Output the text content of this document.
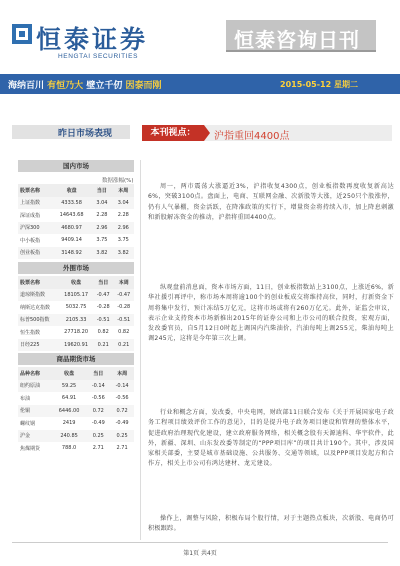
恒泰证券
HENGTAI SECURITIES
恒泰咨询日刊
海纳百川 有恒乃大 壁立千仞 因泰而刚	2015-05-12 星期二
昨日市场表现
国内市场
数据涨幅(%)
股票名称	收盘	当日	本周
上证指数	4333.58	3.04	3.04
深证成指	14643.68	2.28	2.28
沪深300	4680.97	2.96	2.96
中小板指	9409.14	3.75	3.75
创业板指	3148.92	3.82	3.82
外围市场
股票名称	收盘	当日	本周
道琼斯指数	18105.17	-0.47	-0.47
纳斯达克指数	5032.75	-0.28	-0.28
标普500指数	2105.33	-0.51	-0.51
恒生指数	27718.20	0.82	0.82
日经225	19620.91	0.21	0.21
商品期货市场
品种名称	收盘	当日	本周
纽约原油	59.25	-0.14	-0.14
布油	64.91	-0.56	-0.56
伦铜	6446.00	0.72	0.72
螺纹钢	2419	-0.49	-0.49
沪金	240.85	0.25	0.25
焦煤期货	788.0	2.71	2.71
本刊视点：	沪指重回4400点

周一，两市震荡大涨逼近3%，沪指收复4300点，创业板指数再度收复新高达6%，突破3100点。盘面上，电商、互联网金融、次新股等大涨，近250只个股涨停，仍有人气暴棚，资金活跃，在降准政策的实行下，增量资金将持续入市，加上降息刺激和新股解冻资金的推动，沪指将重回4400点。

纵观盘前消息面，资本市场方面，11日，创业板指数站上3100点，上涨近6%，新华社援引再评中，称市场本周将逾100个的创业板成交将维持高位，同时，打新资金下周将集中发行，预计冻结5万亿元，这将市场或将有260万亿元。此外，证监会审议，表示企业支持资本市场新推出2015年的证券公司和上市公司的联合投资，宏观方面，发改委官员，自5月12日0时起上调国内汽柴油价，汽油每吨上调255元，柴油每吨上调245元，这将是今年第三次上调。

行业和概念方面，发改委，中央电网，财政部11日联合发布《关于开展国家电子政务工程项目绩效评价工作的意见》，目的是提升电子政务项目建设和管理的整体水平，促进政府治理现代化建设，建立政府服务网络，相关概念股有天源迪科、华宇软件，此外，新疆、深圳、山东发改委等制定的“PPP项目库”的项目共计190个。其中，涉及国家相关部委，主要是城市基础设施、公共服务、交通等领域，以及PPP项目发起方和合作方，相关上市公司有鸿达建材、龙元建设。

操作上，调整与风险，积极布局个股行情，对于主题热点板块，次新股、电商仍可积极跟踪。

第1页 共4页
